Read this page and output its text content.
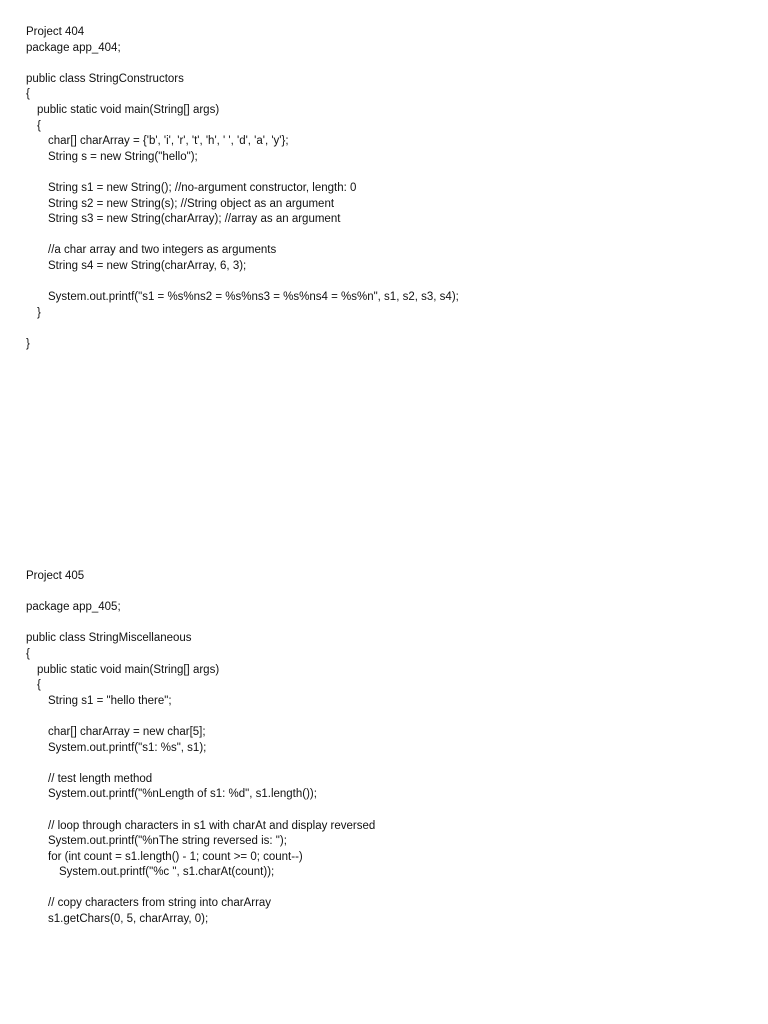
Project 404
package app_404;
public class StringConstructors
{
public static void main(String[] args)
{
char[] charArray = {'b', 'i', 'r', 't', 'h', ' ', 'd', 'a', 'y'};
String s = new String("hello");
String s1 = new String(); //no-argument constructor, length: 0
String s2 = new String(s); //String object as an argument
String s3 = new String(charArray); //array as an argument
//a char array and two integers as arguments
String s4 = new String(charArray, 6, 3);
System.out.printf("s1 = %s%ns2 = %s%ns3 = %s%ns4 = %s%n", s1, s2, s3, s4);
}
}
Project 405
package app_405;
public class StringMiscellaneous
{
public static void main(String[] args)
{
String s1 = "hello there";
char[] charArray = new char[5];
System.out.printf("s1: %s", s1);
// test length method
System.out.printf("%nLength of s1: %d", s1.length());
// loop through characters in s1 with charAt and display reversed
System.out.printf("%nThe string reversed is: ");
for (int count = s1.length() - 1; count >= 0; count--)
System.out.printf("%c ", s1.charAt(count));
// copy characters from string into charArray
s1.getChars(0, 5, charArray, 0);
